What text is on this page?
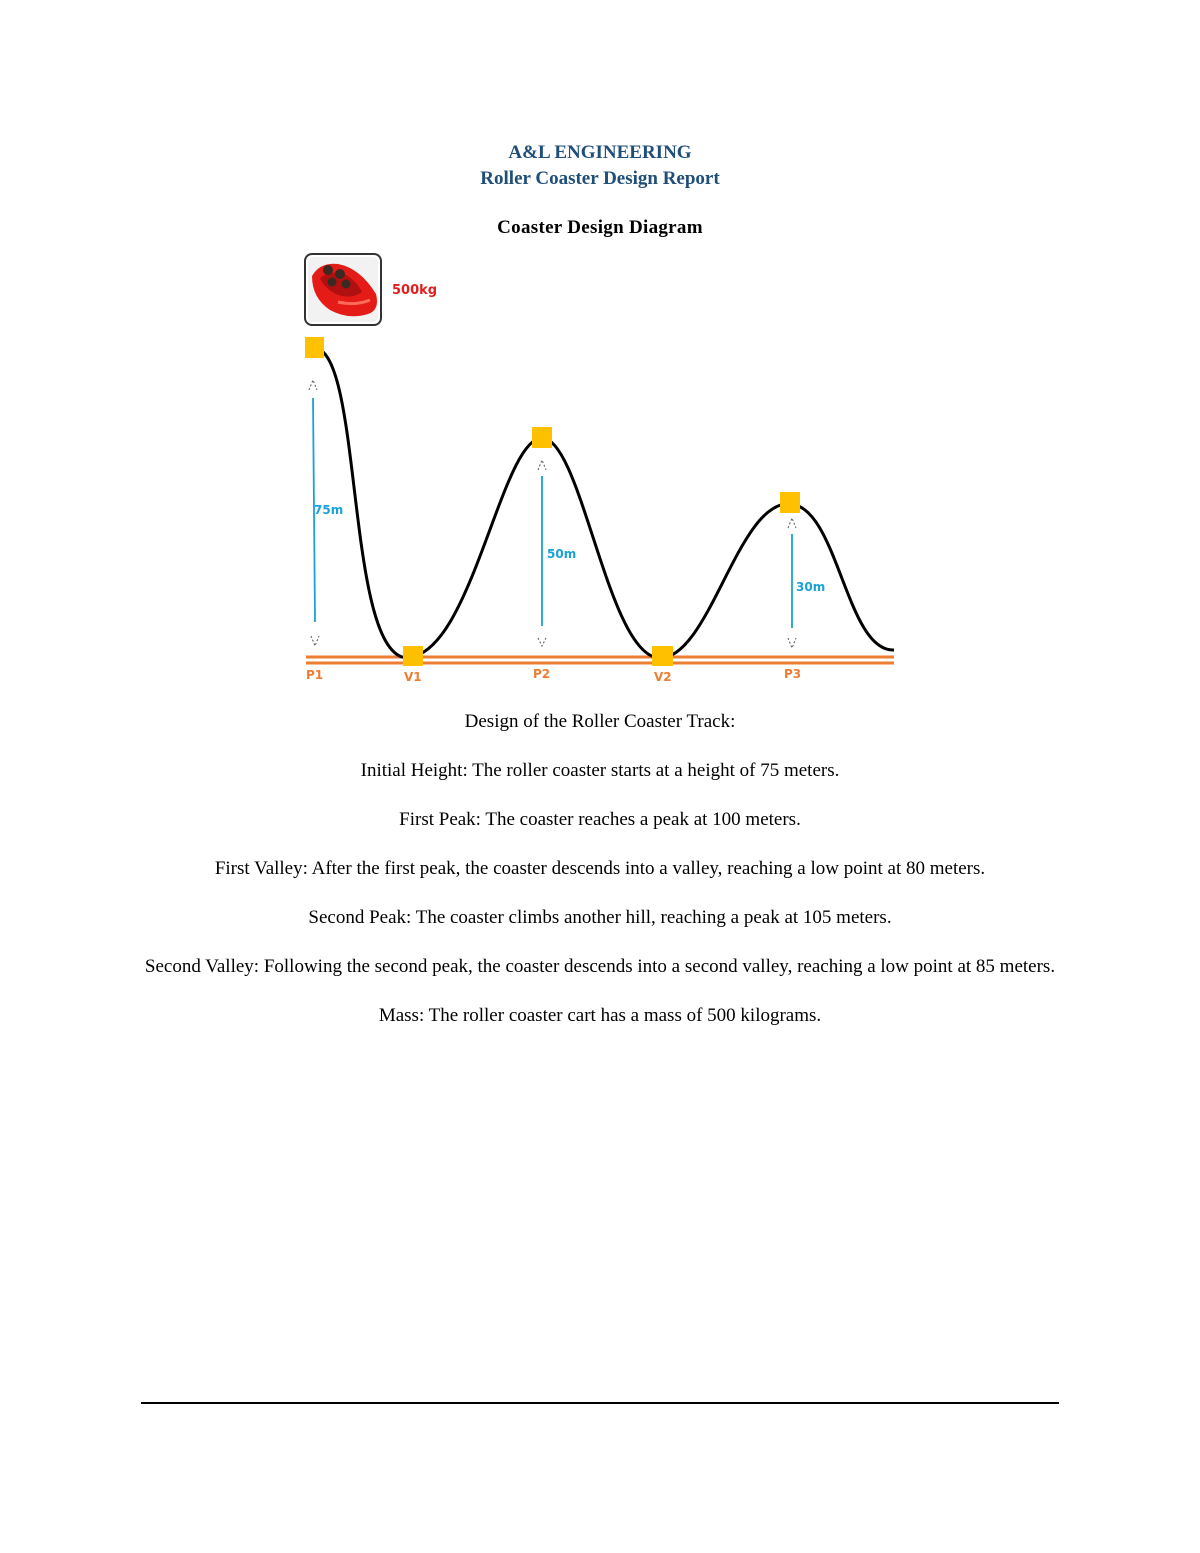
A&L ENGINEERING
Roller Coaster Design Report
Coaster Design Diagram
500kg
75m
50m
30m
P1	V1	P2	V2	P3

Design of the Roller Coaster Track:

Initial Height: The roller coaster starts at a height of 75 meters.

First Peak: The coaster reaches a peak at 100 meters.

First Valley: After the first peak, the coaster descends into a valley, reaching a low point at 80 meters.

Second Peak: The coaster climbs another hill, reaching a peak at 105 meters.

Second Valley: Following the second peak, the coaster descends into a second valley, reaching a low point at 85 meters.

Mass: The roller coaster cart has a mass of 500 kilograms.
